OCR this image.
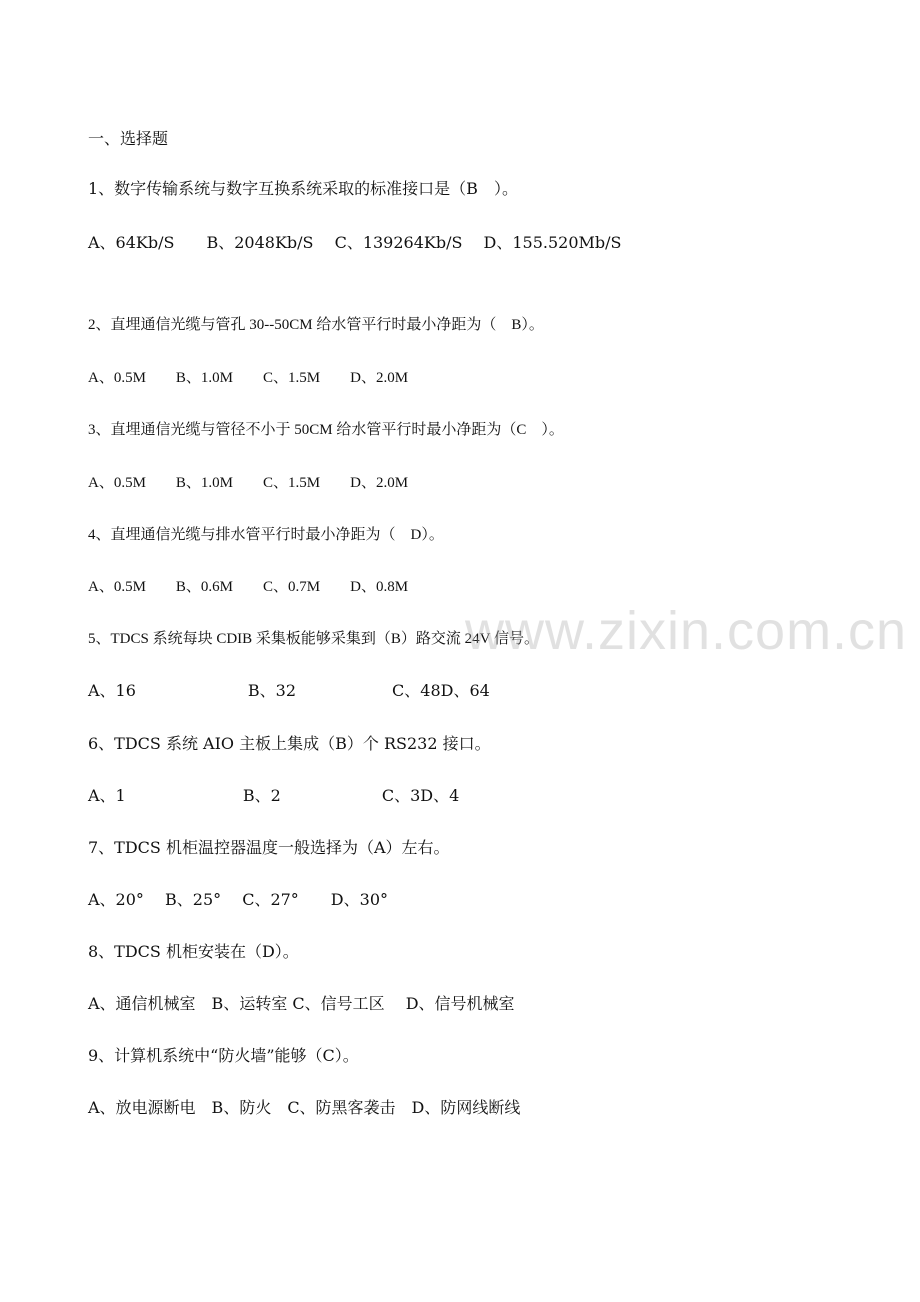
一、选择题
1、数字传输系统与数字互换系统采取的标准接口是（B　）。
A、64Kb/S　　B、2048Kb/S　 C、139264Kb/S　 D、155.520Mb/S
2、直埋通信光缆与管孔 30--50CM 给水管平行时最小净距为（　B）。
A、0.5M　　B、1.0M　　C、1.5M　　D、2.0M
3、直埋通信光缆与管径不小于 50CM 给水管平行时最小净距为（C　）。
A、0.5M　　B、1.0M　　C、1.5M　　D、2.0M
4、直埋通信光缆与排水管平行时最小净距为（　D）。
A、0.5M　　B、0.6M　　C、0.7M　　D、0.8M
5、TDCS 系统每块 CDIB 采集板能够采集到（B）路交流 24V 信号。
A、16　　　　　　　B、32　　　　　　C、48D、64
6、TDCS 系统 AIO 主板上集成（B）个 RS232 接口。
A、1　　　　　　　 B、2　　　　　　 C、3D、4
7、TDCS 机柜温控器温度一般选择为（A）左右。
A、20°　 B、25°　 C、27°　　D、30°
8、TDCS 机柜安装在（D）。
A、通信机械室　B、运转室 C、信号工区　 D、信号机械室
9、计算机系统中“防火墙”能够（C）。
A、放电源断电　B、防火　C、防黑客袭击　D、防网线断线
www.zixin.com.cn
